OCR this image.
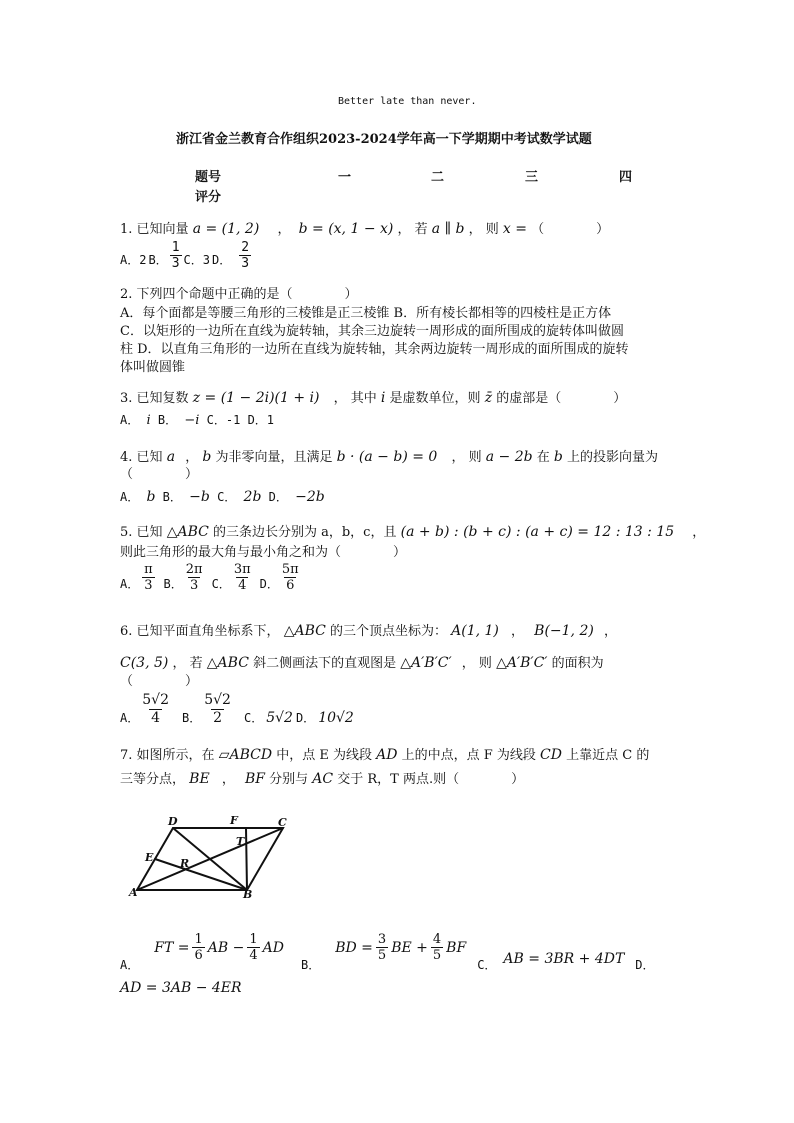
Better late than never.
浙江省金兰教育合作组织2023-2024学年高一下学期期中考试数学试题
题号	一	二	三	四
评分
1. 已知向量 a = (1, 2) ， b = (x, 1 − x) ， 若 a ∥ b ， 则 x = （　　　　）
A．2 B． $\frac{1}{3}$ C．3 D． $\frac{2}{3}$
2. 下列四个命题中正确的是（　　　　）
A．每个面都是等腰三角形的三棱锥是正三棱锥 B．所有棱长都相等的四棱柱是正方体
C．以矩形的一边所在直线为旋转轴，其余三边旋转一周形成的面所围成的旋转体叫做圆
柱 D．以直角三角形的一边所在直线为旋转轴，其余两边旋转一周形成的面所围成的旋转
体叫做圆锥
3. 已知复数 z = (1 − 2i)(1 + i) ， 其中 i 是虚数单位，则 z̄ 的虚部是（　　　　）
A． i B． −i C．-1 D．1
4. 已知 a ， b 为非零向量，且满足 b · (a − b) = 0 ， 则 a − 2b 在 b 上的投影向量为
（　　　　）
A． b B． −b C． 2b D． −2b
5. 已知 △ABC 的三条边长分别为 a，b，c，且 (a + b) : (b + c) : (a + c) = 12 : 13 : 15 ，
则此三角形的最大角与最小角之和为（　　　　）
A． $\frac{\pi}{3}$ B． $\frac{2\pi}{3}$ C． $\frac{3\pi}{4}$ D． $\frac{5\pi}{6}$
6. 已知平面直角坐标系下， △ABC 的三个顶点坐标为： A(1, 1) ， B(−1, 2) ，
C(3, 5) ， 若 △ABC 斜二侧画法下的直观图是 △A′B′C′ ， 则 △A′B′C′ 的面积为
（　　　　）
A． $\frac{5√2}{4}$ B． $\frac{5√2}{2}$ C． 5√2 D． 10√2
7. 如图所示，在 ▱ABCD 中，点 E 为线段 AD 上的中点，点 F 为线段 CD 上靠近点 C 的
三等分点， BE ， BF 分别与 AC 交于 R，T 两点.则（　　　　）
D	F	C
T
E R
A	B
A．
FT = $\frac{1}{6}$ AB − $\frac{1}{4}$ AD
B．
BD = $\frac{3}{5}$ BE + $\frac{4}{5}$ BF
C． AB = 3BR + 4DT D．
AD = 3AB − 4ER
